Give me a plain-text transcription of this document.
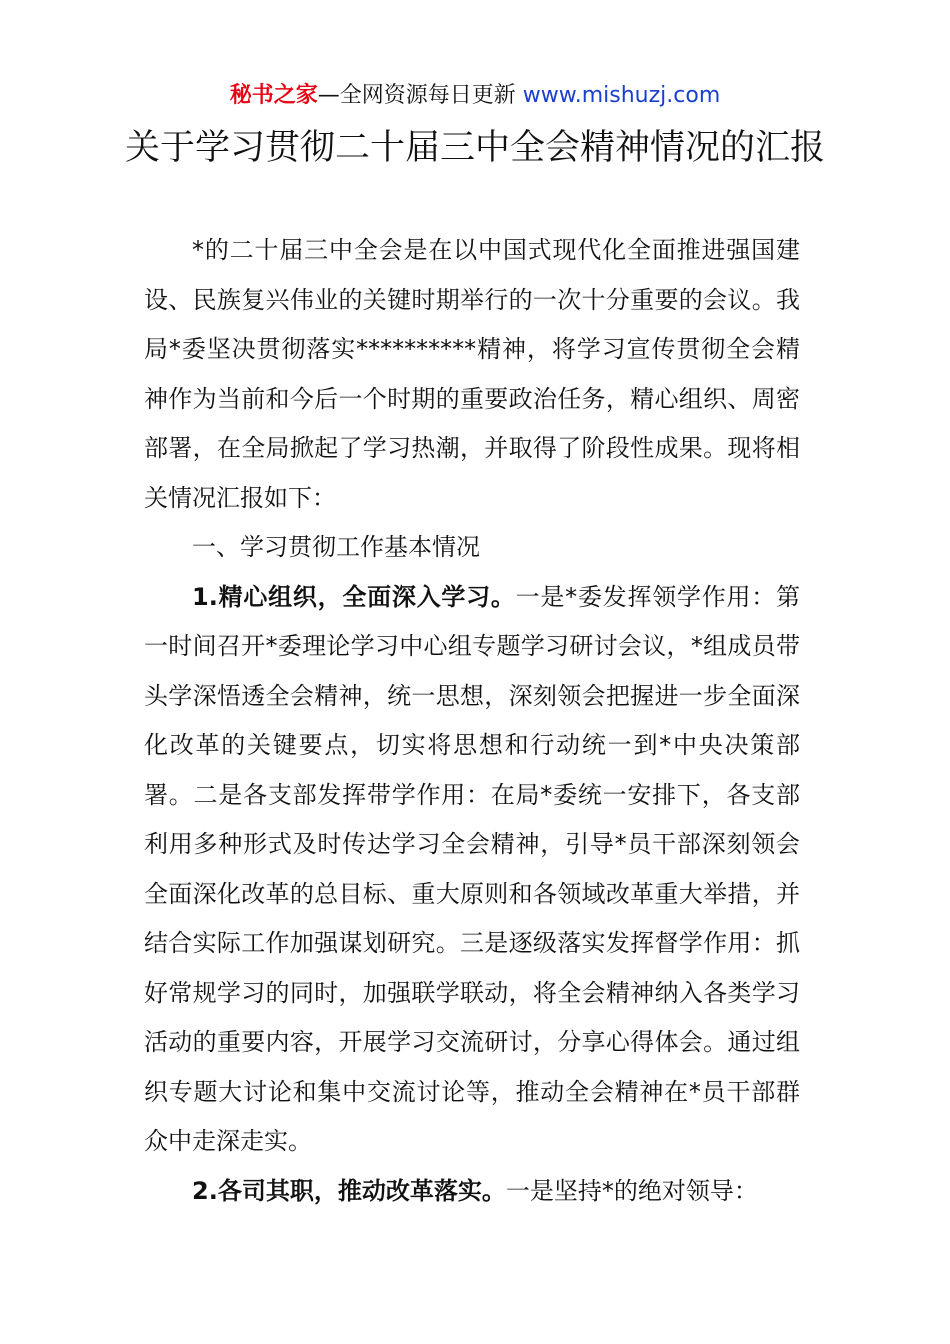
秘书之家—全网资源每日更新 www.mishuzj.com
关于学习贯彻二十届三中全会精神情况的汇报

*的二十届三中全会是在以中国式现代化全面推进强国建设、民族复兴伟业的关键时期举行的一次十分重要的会议。我局*委坚决贯彻落实**********精神，将学习宣传贯彻全会精神作为当前和今后一个时期的重要政治任务，精心组织、周密部署，在全局掀起了学习热潮，并取得了阶段性成果。现将相关情况汇报如下：

一、学习贯彻工作基本情况

1.精心组织，全面深入学习。一是*委发挥领学作用：第一时间召开*委理论学习中心组专题学习研讨会议，*组成员带头学深悟透全会精神，统一思想，深刻领会把握进一步全面深化改革的关键要点，切实将思想和行动统一到*中央决策部署。二是各支部发挥带学作用：在局*委统一安排下，各支部利用多种形式及时传达学习全会精神，引导*员干部深刻领会全面深化改革的总目标、重大原则和各领域改革重大举措，并结合实际工作加强谋划研究。三是逐级落实发挥督学作用：抓好常规学习的同时，加强联学联动，将全会精神纳入各类学习活动的重要内容，开展学习交流研讨，分享心得体会。通过组织专题大讨论和集中交流讨论等，推动全会精神在*员干部群众中走深走实。

2.各司其职，推动改革落实。一是坚持*的绝对领导：
